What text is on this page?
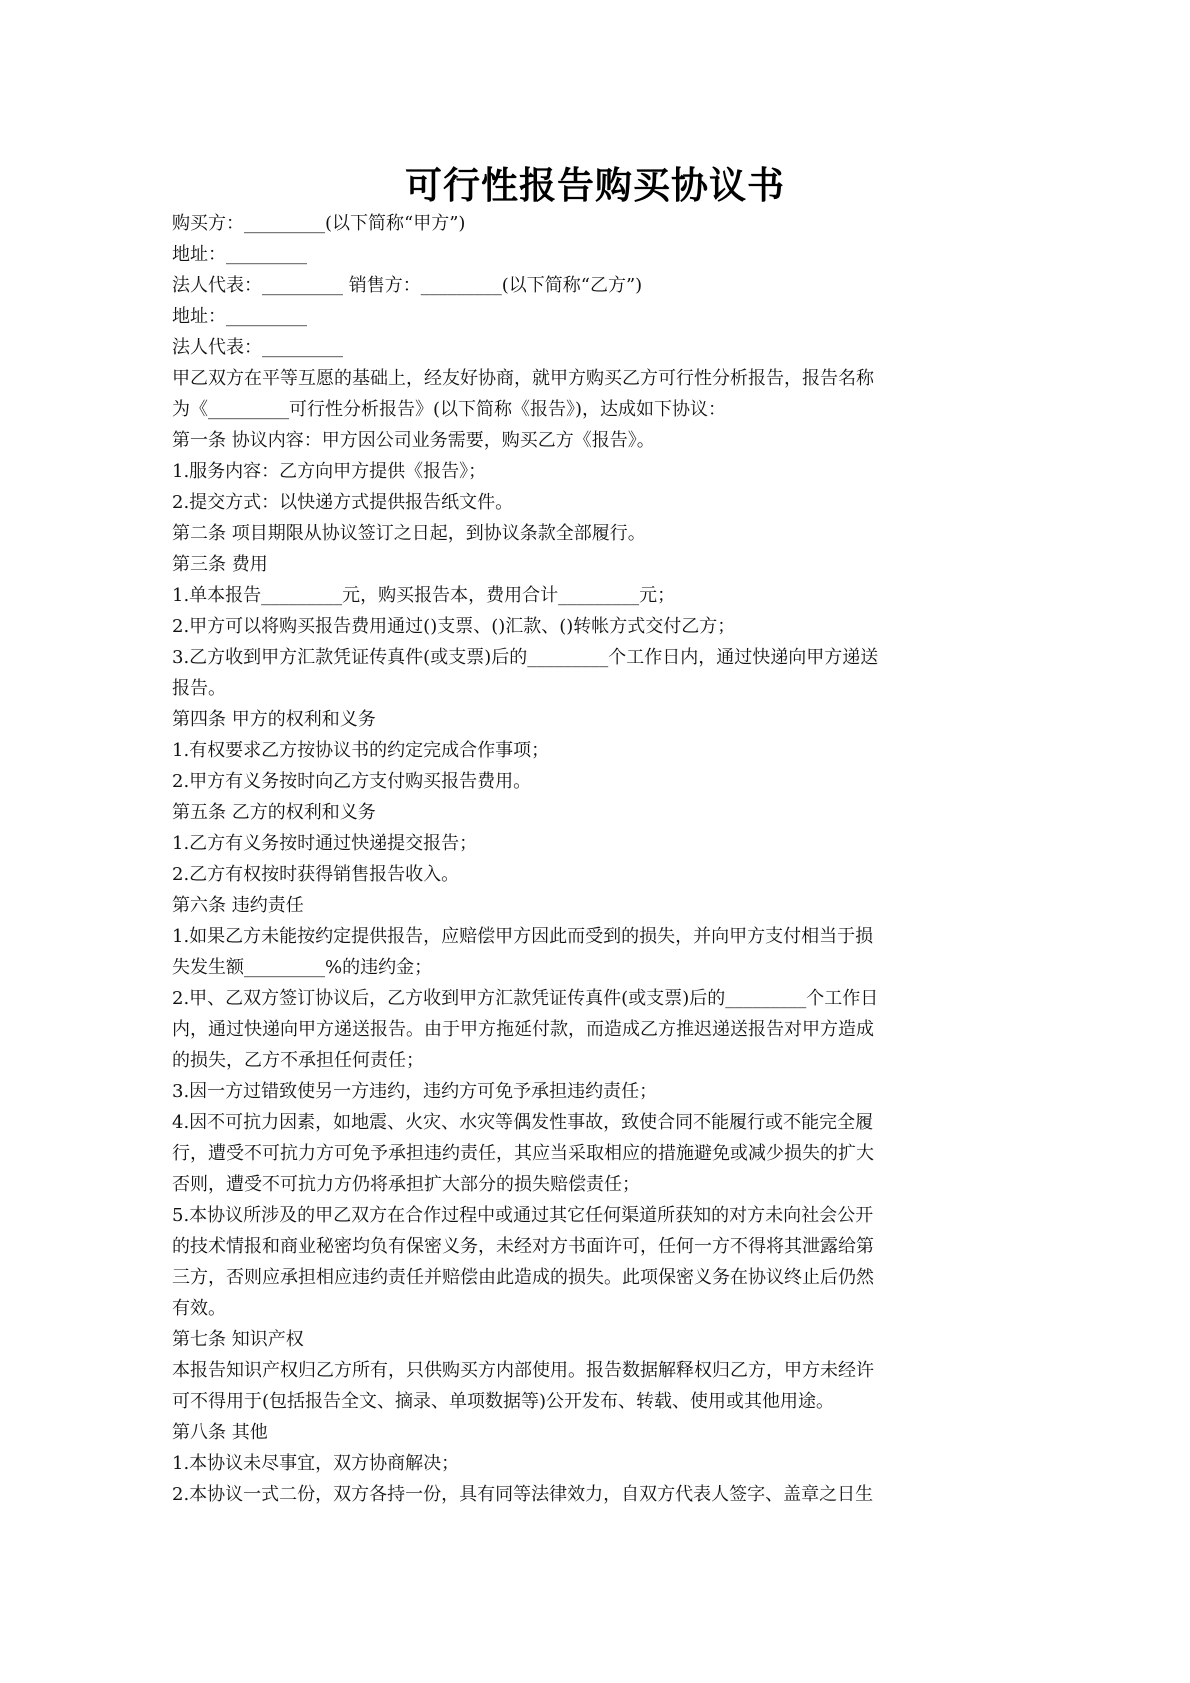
可行性报告购买协议书
购买方：_________(以下简称“甲方”)
地址：_________
法人代表：_________ 销售方：_________(以下简称“乙方”)
地址：_________
法人代表：_________
甲乙双方在平等互愿的基础上，经友好协商，就甲方购买乙方可行性分析报告，报告名称
为《_________可行性分析报告》(以下简称《报告》)，达成如下协议：
第一条 协议内容：甲方因公司业务需要，购买乙方《报告》。
1.服务内容：乙方向甲方提供《报告》；
2.提交方式：以快递方式提供报告纸文件。
第二条 项目期限从协议签订之日起，到协议条款全部履行。
第三条 费用
1.单本报告_________元，购买报告本，费用合计_________元；
2.甲方可以将购买报告费用通过()支票、()汇款、()转帐方式交付乙方；
3.乙方收到甲方汇款凭证传真件(或支票)后的_________个工作日内，通过快递向甲方递送
报告。
第四条 甲方的权利和义务
1.有权要求乙方按协议书的约定完成合作事项；
2.甲方有义务按时向乙方支付购买报告费用。
第五条 乙方的权利和义务
1.乙方有义务按时通过快递提交报告；
2.乙方有权按时获得销售报告收入。
第六条 违约责任
1.如果乙方未能按约定提供报告，应赔偿甲方因此而受到的损失，并向甲方支付相当于损
失发生额_________%的违约金；
2.甲、乙双方签订协议后，乙方收到甲方汇款凭证传真件(或支票)后的_________个工作日
内，通过快递向甲方递送报告。由于甲方拖延付款，而造成乙方推迟递送报告对甲方造成
的损失，乙方不承担任何责任；
3.因一方过错致使另一方违约，违约方可免予承担违约责任；
4.因不可抗力因素，如地震、火灾、水灾等偶发性事故，致使合同不能履行或不能完全履
行，遭受不可抗力方可免予承担违约责任，其应当采取相应的措施避免或减少损失的扩大
否则，遭受不可抗力方仍将承担扩大部分的损失赔偿责任；
5.本协议所涉及的甲乙双方在合作过程中或通过其它任何渠道所获知的对方未向社会公开
的技术情报和商业秘密均负有保密义务，未经对方书面许可，任何一方不得将其泄露给第
三方，否则应承担相应违约责任并赔偿由此造成的损失。此项保密义务在协议终止后仍然
有效。
第七条 知识产权
本报告知识产权归乙方所有，只供购买方内部使用。报告数据解释权归乙方，甲方未经许
可不得用于(包括报告全文、摘录、单项数据等)公开发布、转载、使用或其他用途。
第八条 其他
1.本协议未尽事宜，双方协商解决；
2.本协议一式二份，双方各持一份，具有同等法律效力，自双方代表人签字、盖章之日生
